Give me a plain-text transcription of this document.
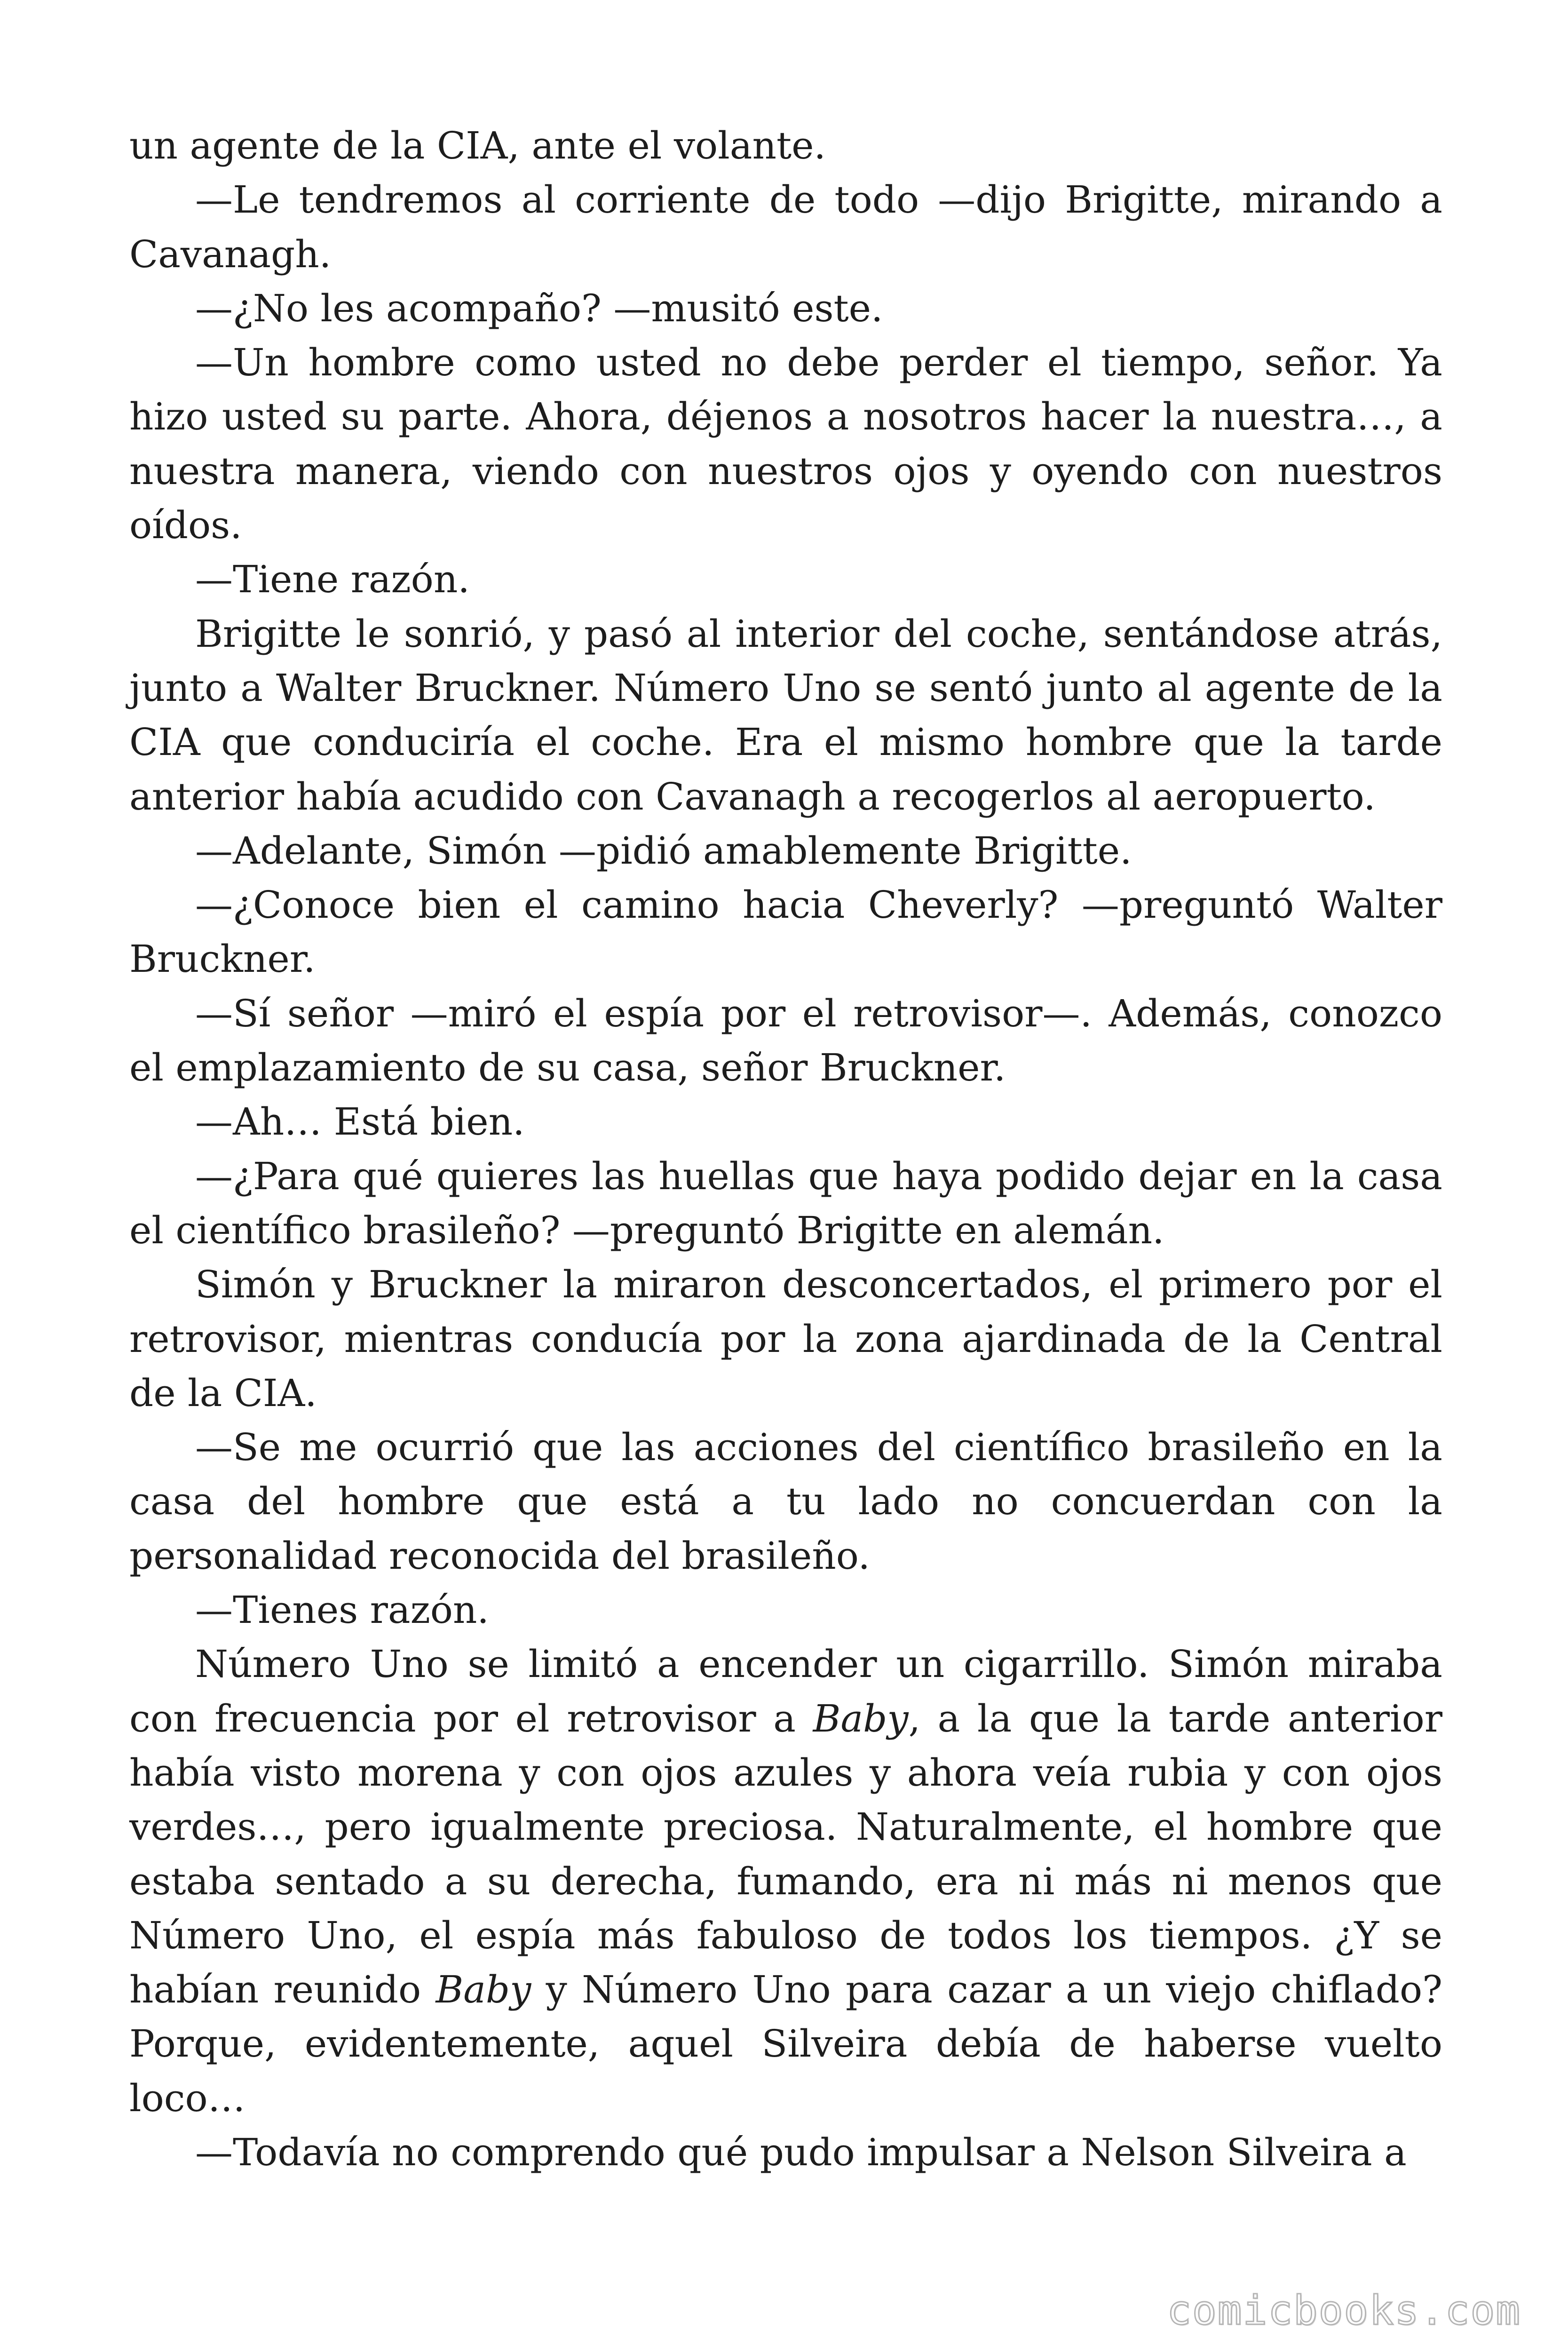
un agente de la CIA, ante el volante.

—Le tendremos al corriente de todo —dijo Brigitte, mirando a Cavanagh.

—¿No les acompaño? —musitó este.

—Un hombre como usted no debe perder el tiempo, señor. Ya hizo usted su parte. Ahora, déjenos a nosotros hacer la nuestra…, a nuestra manera, viendo con nuestros ojos y oyendo con nuestros oídos.

—Tiene razón.

Brigitte le sonrió, y pasó al interior del coche, sentándose atrás, junto a Walter Bruckner. Número Uno se sentó junto al agente de la CIA que conduciría el coche. Era el mismo hombre que la tarde anterior había acudido con Cavanagh a recogerlos al aeropuerto.

—Adelante, Simón —pidió amablemente Brigitte.

—¿Conoce bien el camino hacia Cheverly? —preguntó Walter Bruckner.

—Sí señor —miró el espía por el retrovisor—. Además, conozco el emplazamiento de su casa, señor Bruckner.

—Ah… Está bien.

—¿Para qué quieres las huellas que haya podido dejar en la casa el científico brasileño? —preguntó Brigitte en alemán.

Simón y Bruckner la miraron desconcertados, el primero por el retrovisor, mientras conducía por la zona ajardinada de la Central de la CIA.

—Se me ocurrió que las acciones del científico brasileño en la casa del hombre que está a tu lado no concuerdan con la personalidad reconocida del brasileño.

—Tienes razón.

Número Uno se limitó a encender un cigarrillo. Simón miraba con frecuencia por el retrovisor a Baby, a la que la tarde anterior había visto morena y con ojos azules y ahora veía rubia y con ojos verdes…, pero igualmente preciosa. Naturalmente, el hombre que estaba sentado a su derecha, fumando, era ni más ni menos que Número Uno, el espía más fabuloso de todos los tiempos. ¿Y se habían reunido Baby y Número Uno para cazar a un viejo chiflado? Porque, evidentemente, aquel Silveira debía de haberse vuelto loco…

—Todavía no comprendo qué pudo impulsar a Nelson Silveira a

comicbooks.com
